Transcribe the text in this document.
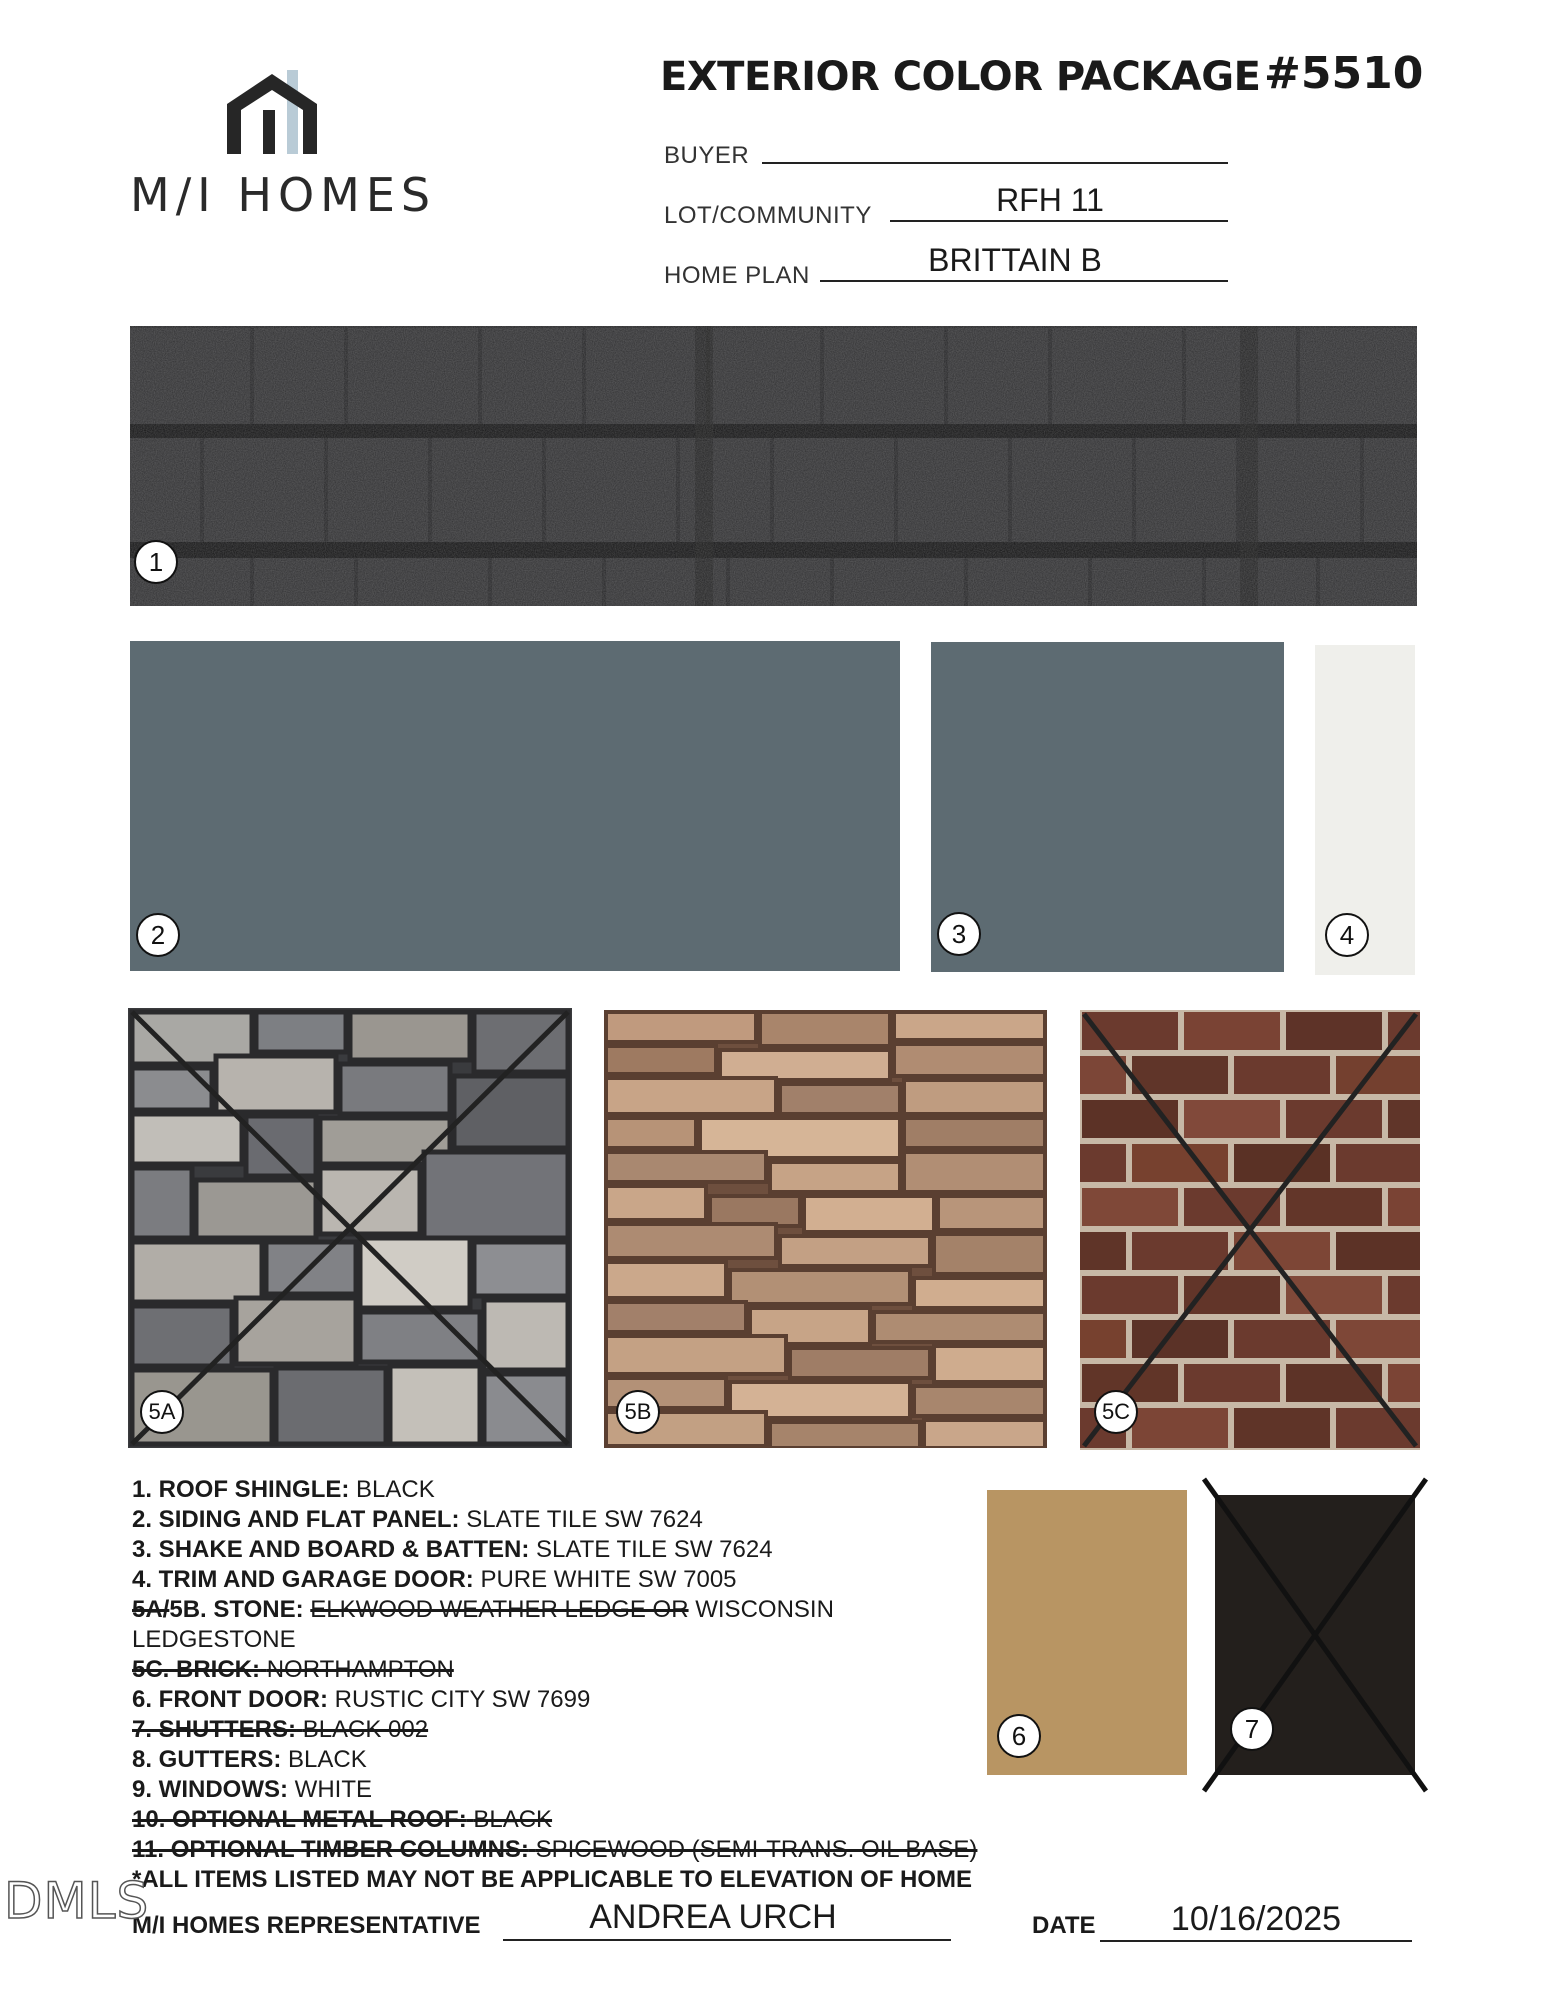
M/I HOMES
EXTERIOR COLOR PACKAGE #5510
BUYER
LOT/COMMUNITY	RFH 11
HOME PLAN	BRITTAIN B
1
2	3	4
5A	5B	5C
1. ROOF SHINGLE: BLACK
2. SIDING AND FLAT PANEL: SLATE TILE SW 7624
3. SHAKE AND BOARD & BATTEN: SLATE TILE SW 7624
4. TRIM AND GARAGE DOOR: PURE WHITE SW 7005
5A/5B. STONE: ELKWOOD WEATHER LEDGE OR WISCONSIN
LEDGESTONE
5C. BRICK: NORTHAMPTON
6. FRONT DOOR: RUSTIC CITY SW 7699
7. SHUTTERS: BLACK 002
8. GUTTERS: BLACK
9. WINDOWS: WHITE
10. OPTIONAL METAL ROOF: BLACK
11. OPTIONAL TIMBER COLUMNS: SPICEWOOD (SEMI-TRANS. OIL BASE)
*ALL ITEMS LISTED MAY NOT BE APPLICABLE TO ELEVATION OF HOME
6	7
M/I HOMES REPRESENTATIVE	ANDREA URCH	DATE	10/16/2025
DMLS
